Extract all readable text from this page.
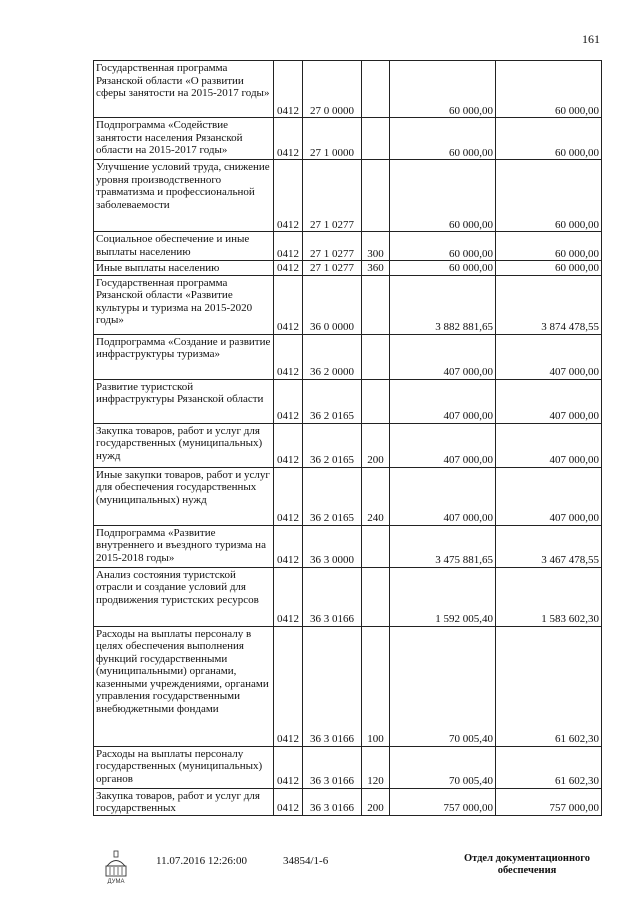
161
Государственная программа Рязанской области «О развитии сферы занятости на 2015-2017 годы»	0412	27 0 0000		60 000,00	60 000,00
Подпрограмма «Содействие занятости населения Рязанской области на 2015-2017 годы»	0412	27 1 0000		60 000,00	60 000,00
Улучшение условий труда, снижение уровня производственного травматизма и профессиональной заболеваемости	0412	27 1 0277		60 000,00	60 000,00
Социальное обеспечение и иные выплаты населению	0412	27 1 0277	300	60 000,00	60 000,00
Иные выплаты населению	0412	27 1 0277	360	60 000,00	60 000,00
Государственная программа Рязанской области «Развитие культуры и туризма на 2015-2020 годы»	0412	36 0 0000		3 882 881,65	3 874 478,55
Подпрограмма «Создание и развитие инфраструктуры туризма»	0412	36 2 0000		407 000,00	407 000,00
Развитие туристской инфраструктуры Рязанской области	0412	36 2 0165		407 000,00	407 000,00
Закупка товаров, работ и услуг для государственных (муниципальных) нужд	0412	36 2 0165	200	407 000,00	407 000,00
Иные закупки товаров, работ и услуг для обеспечения государственных (муниципальных) нужд	0412	36 2 0165	240	407 000,00	407 000,00
Подпрограмма «Развитие внутреннего и въездного туризма на 2015-2018 годы»	0412	36 3 0000		3 475 881,65	3 467 478,55
Анализ состояния туристской отрасли и создание условий для продвижения туристских ресурсов	0412	36 3 0166		1 592 005,40	1 583 602,30
Расходы на выплаты персоналу в целях обеспечения выполнения функций государственными (муниципальными) органами, казенными учреждениями, органами управления государственными внебюджетными фондами	0412	36 3 0166	100	70 005,40	61 602,30
Расходы на выплаты персоналу государственных (муниципальных) органов	0412	36 3 0166	120	70 005,40	61 602,30
Закупка товаров, работ и услуг для государственных	0412	36 3 0166	200	757 000,00	757 000,00
ДУМА
11.07.2016 12:26:00	34854/1-6	Отдел документационного обеспечения
